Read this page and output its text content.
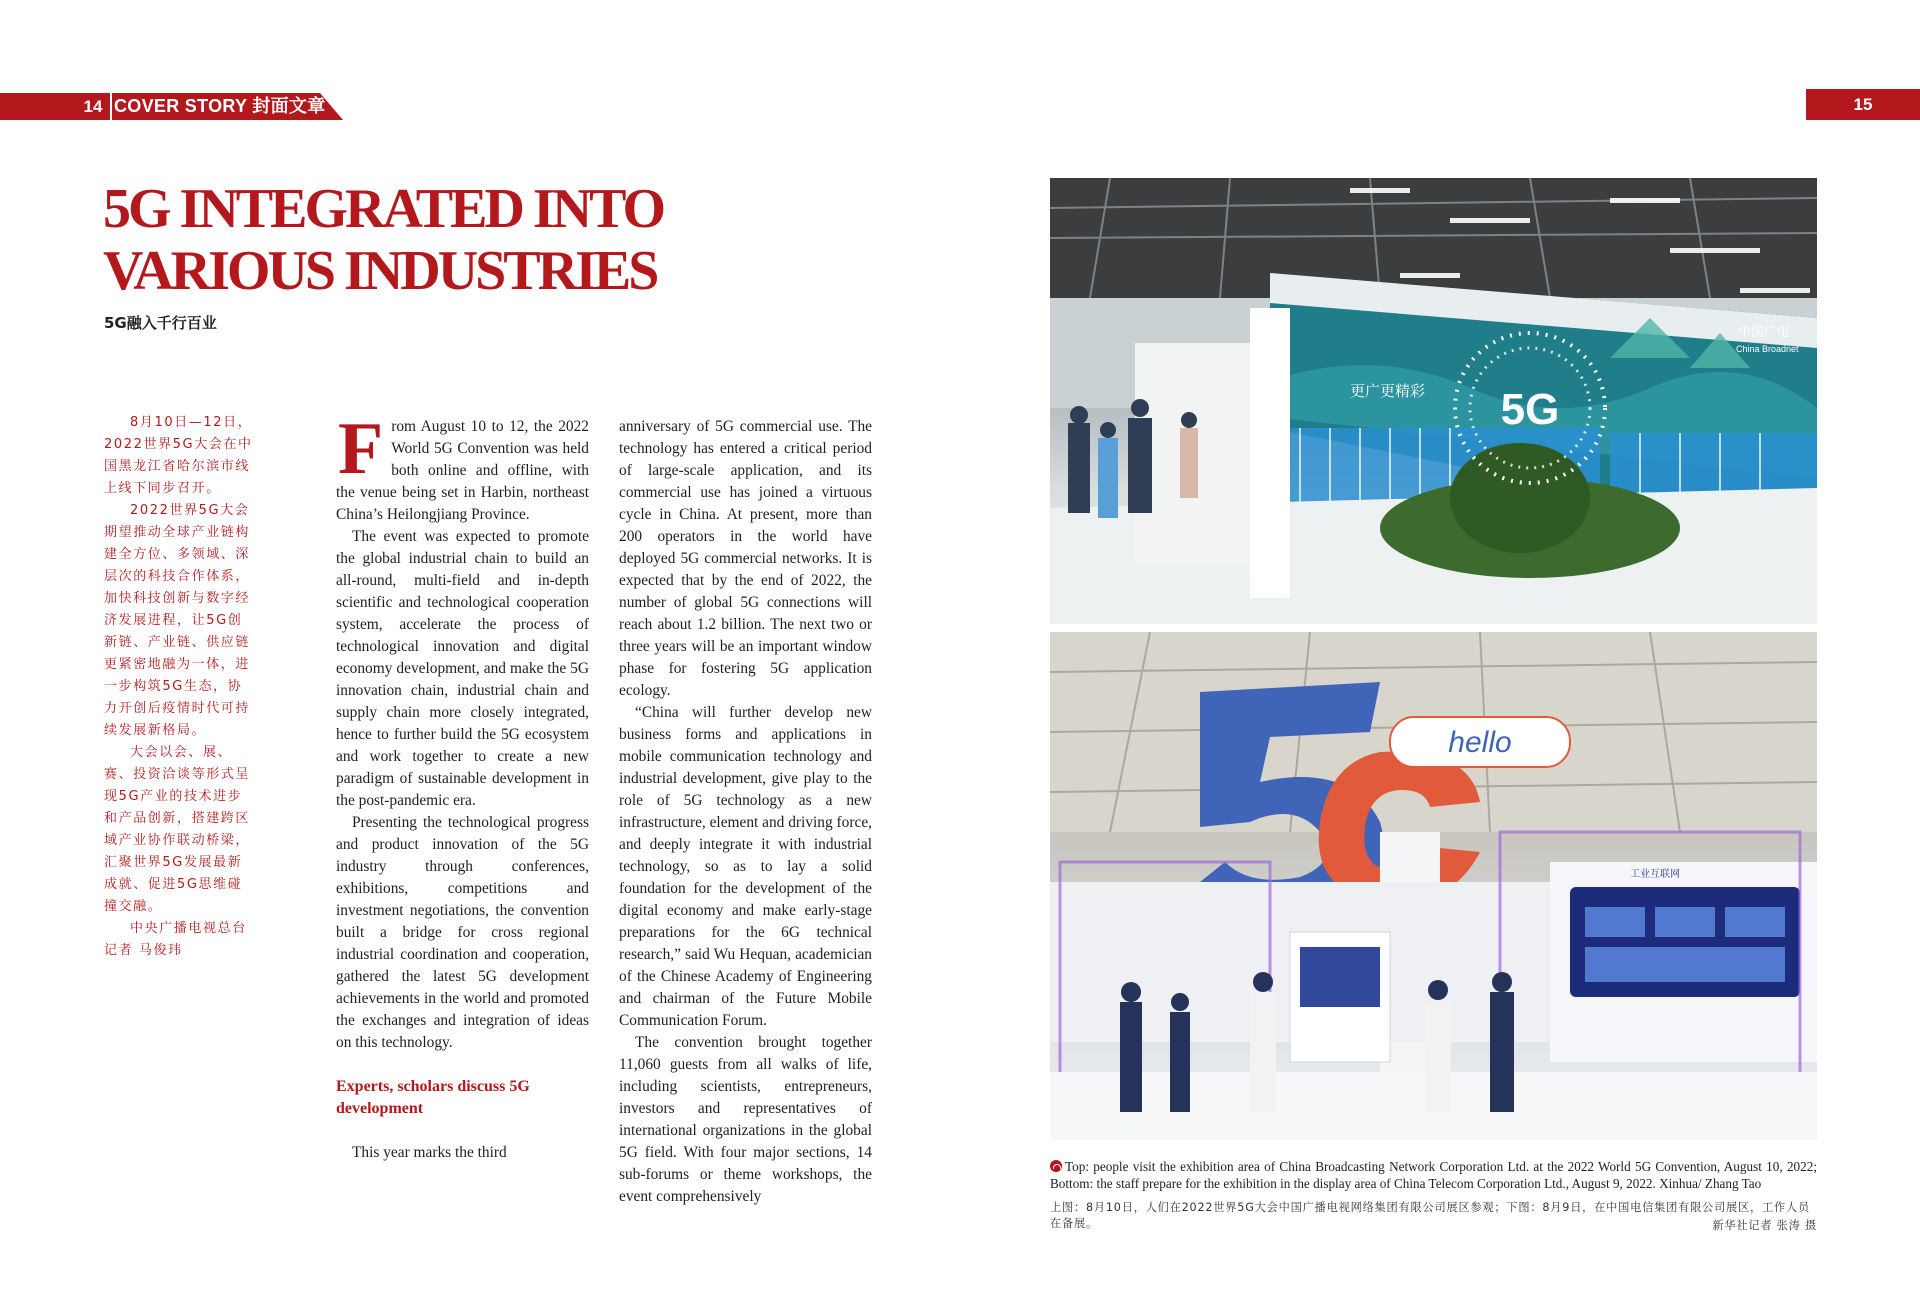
14 COVER STORY 封面文章	15
5G INTEGRATED INTO VARIOUS INDUSTRIES
5G融入千行百业

8月10日—12日，2022世界5G大会在中国黑龙江省哈尔滨市线上线下同步召开。

2022世界5G大会期望推动全球产业链构建全方位、多领域、深层次的科技合作体系，加快科技创新与数字经济发展进程，让5G创新链、产业链、供应链更紧密地融为一体，进一步构筑5G生态，协力开创后疫情时代可持续发展新格局。

大会以会、展、赛、投资洽谈等形式呈现5G产业的技术进步和产品创新，搭建跨区域产业协作联动桥梁，汇聚世界5G发展最新成就、促进5G思维碰撞交融。

中央广播电视总台记者 马俊玮

From August 10 to 12, the 2022 World 5G Convention was held both online and offline, with the venue being set in Harbin, northeast China’s Heilongjiang Province.

The event was expected to promote the global industrial chain to build an all-round, multi-field and in-depth scientific and technological cooperation system, accelerate the process of technological innovation and digital economy development, and make the 5G innovation chain, industrial chain and supply chain more closely integrated, hence to further build the 5G ecosystem and work together to create a new paradigm of sustainable development in the post-pandemic era.

Presenting the technological progress and product innovation of the 5G industry through conferences, exhibitions, competitions and investment negotiations, the convention built a bridge for cross regional industrial coordination and cooperation, gathered the latest 5G development achievements in the world and promoted the exchanges and integration of ideas on this technology.

Experts, scholars discuss 5G development

This year marks the third

anniversary of 5G commercial use. The technology has entered a critical period of large-scale application, and its commercial use has joined a virtuous cycle in China. At present, more than 200 operators in the world have deployed 5G commercial networks. It is expected that by the end of 2022, the number of global 5G connections will reach about 1.2 billion. The next two or three years will be an important window phase for fostering 5G application ecology.

“China will further develop new business forms and applications in mobile communication technology and industrial development, give play to the role of 5G technology as a new infrastructure, element and driving force, and deeply integrate it with industrial technology, so as to lay a solid foundation for the development of the digital economy and make early-stage preparations for the 6G technical research,” said Wu Hequan, academician of the Chinese Academy of Engineering and chairman of the Future Mobile Communication Forum.

The convention brought together 11,060 guests from all walks of life, including scientists, entrepreneurs, investors and representatives of international organizations in the global 5G field. With four major sections, 14 sub-forums or theme workshops, the event comprehensively

更广更精彩
中国广电
China Broadnet
5G
hello
工业互联网
Top: people visit the exhibition area of China Broadcasting Network Corporation Ltd. at the 2022 World 5G Convention, August 10, 2022; Bottom: the staff prepare for the exhibition in the display area of China Telecom Corporation Ltd., August 9, 2022. Xinhua/ Zhang Tao
上图：8月10日，人们在2022世界5G大会中国广播电视网络集团有限公司展区参观；下图：8月9日，在中国电信集团有限公司展区，工作人员在备展。	新华社记者 张涛 摄
